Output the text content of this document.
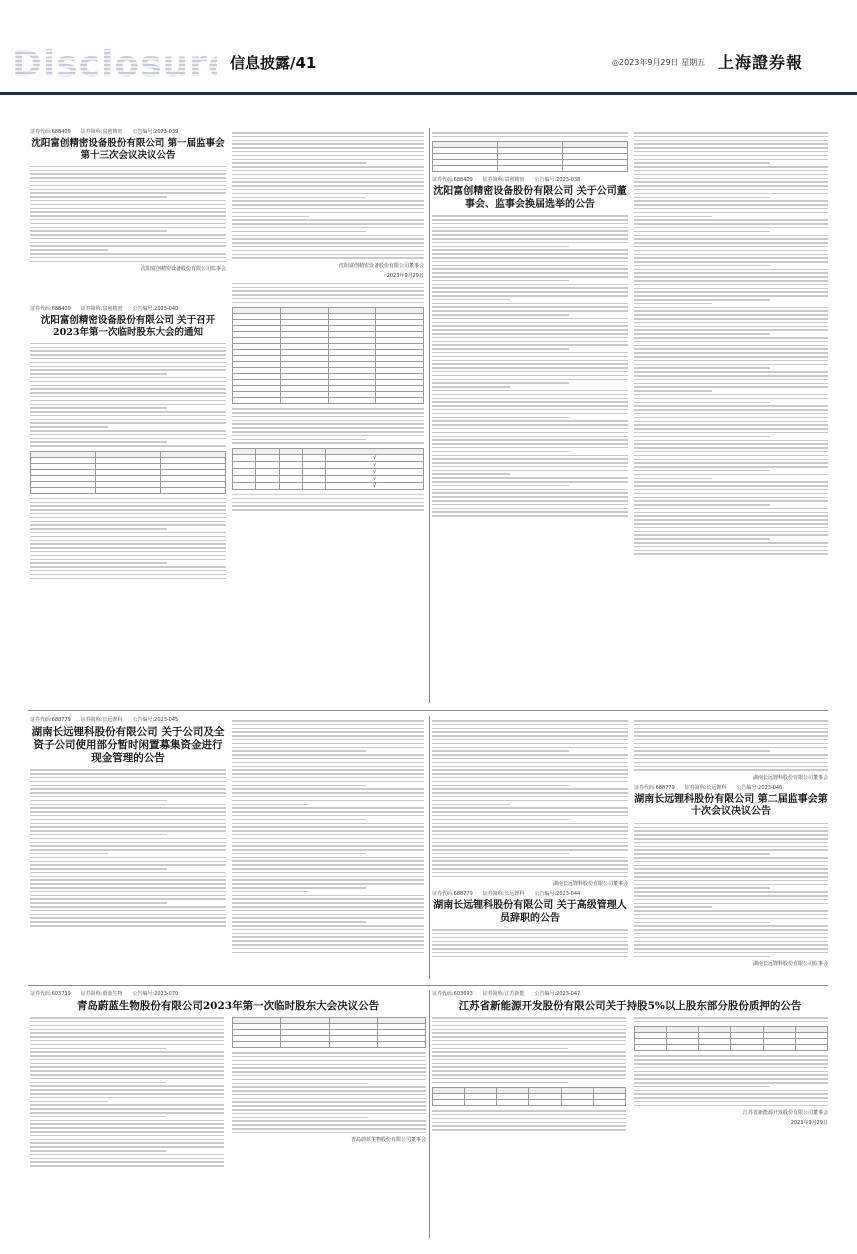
Disclosure
信息披露/41	◎2023年9月29日 星期五 上海證券報
证券代码:688409 证券简称:富创精密 公告编号:2023-039
沈阳富创精密设备股份有限公司 第一届监事会第十三次会议决议公告
沈阳富创精密设备股份有限公司监事会
证券代码:688409 证券简称:富创精密 公告编号:2023-040
沈阳富创精密设备股份有限公司 关于召开2023年第一次临时股东大会的通知

沈阳富创精密设备股份有限公司董事会
2023年9月29日

				√
				√
				√
				√
				√

证券代码:688409 证券简称:富创精密 公告编号:2023-038
沈阳富创精密设备股份有限公司 关于公司董事会、监事会换届选举的公告
证券代码:688779 证券简称:长远锂科 公告编号:2023-045
湖南长远锂科股份有限公司 关于公司及全资子公司使用部分暂时闲置募集资金进行现金管理的公告
湖南长远锂科股份有限公司董事会
证券代码:688779 证券简称:长远锂科 公告编号:2023-044
湖南长远锂科股份有限公司 关于高级管理人员辞职的公告
湖南长远锂科股份有限公司董事会
证券代码:688779 证券简称:长远锂科 公告编号:2023-046
湖南长远锂科股份有限公司 第二届监事会第十次会议决议公告
湖南长远锂科股份有限公司监事会
证券代码:603739 证券简称:蔚蓝生物 公告编号:2023-070
青岛蔚蓝生物股份有限公司2023年第一次临时股东大会决议公告

青岛蔚蓝生物股份有限公司董事会
证券代码:603693 证券简称:江苏新能 公告编号:2023-047
江苏省新能源开发股份有限公司关于持股5%以上股东部分股份质押的公告

江苏省新能源开发股份有限公司董事会
2023年9月29日
